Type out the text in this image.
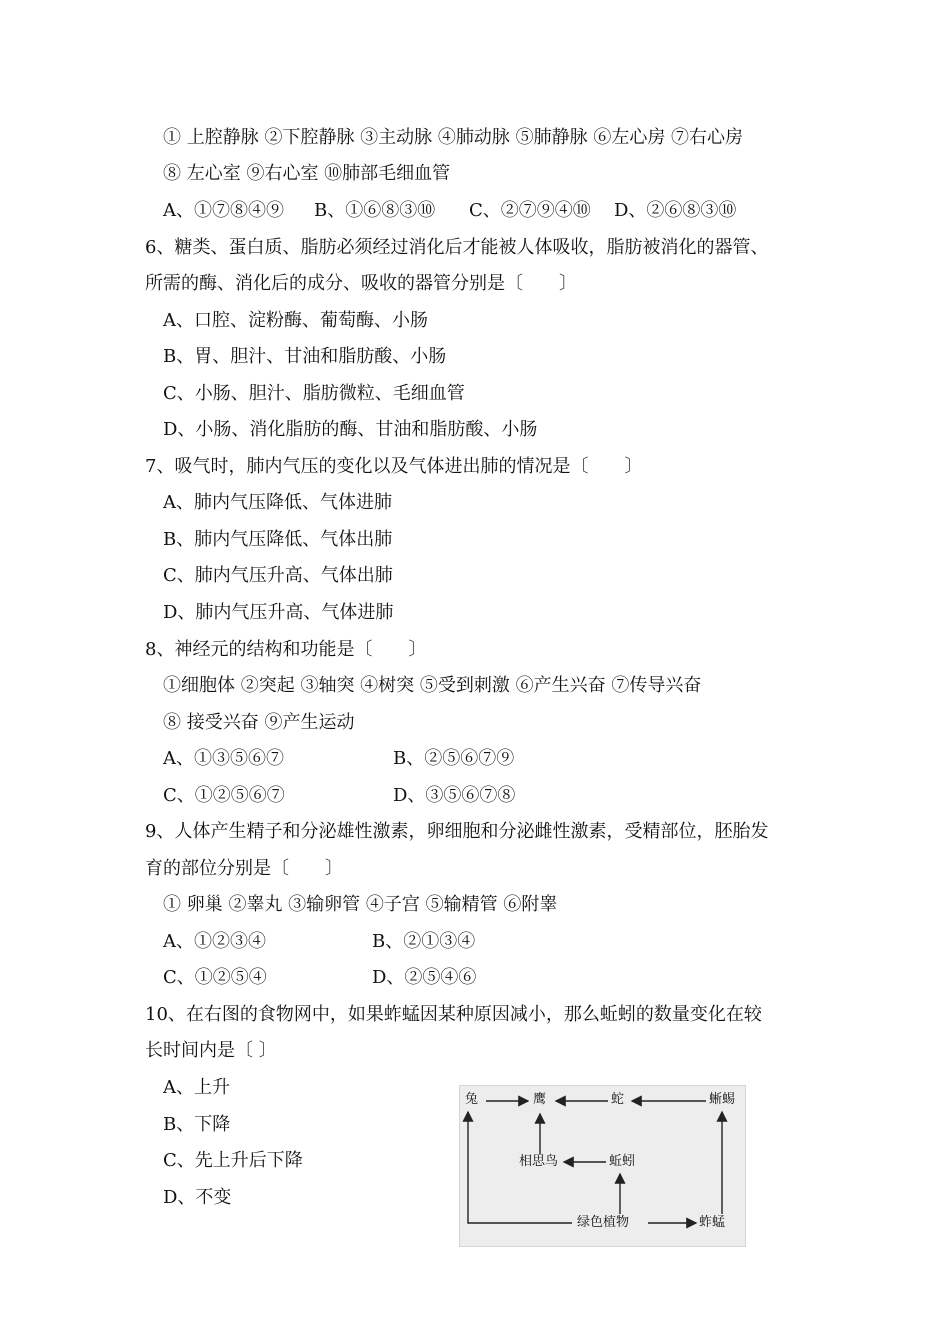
① 上腔静脉 ②下腔静脉 ③主动脉 ④肺动脉 ⑤肺静脉 ⑥左心房 ⑦右心房
⑧ 左心室 ⑨右心室 ⑩肺部毛细血管
A、①⑦⑧④⑨ B、①⑥⑧③⑩ C、②⑦⑨④⑩ D、②⑥⑧③⑩
6、糖类、蛋白质、脂肪必须经过消化后才能被人体吸收，脂肪被消化的器管、
所需的酶、消化后的成分、吸收的器管分别是〔　　〕
A、口腔、淀粉酶、葡萄酶、小肠
B、胃、胆汁、甘油和脂肪酸、小肠
C、小肠、胆汁、脂肪微粒、毛细血管
D、小肠、消化脂肪的酶、甘油和脂肪酸、小肠
7、吸气时，肺内气压的变化以及气体进出肺的情况是〔　　〕
A、肺内气压降低、气体进肺
B、肺内气压降低、气体出肺
C、肺内气压升高、气体出肺
D、肺内气压升高、气体进肺
8、神经元的结构和功能是〔　　〕
①细胞体 ②突起 ③轴突 ④树突 ⑤受到刺激 ⑥产生兴奋 ⑦传导兴奋
⑧ 接受兴奋 ⑨产生运动
A、①③⑤⑥⑦	B、②⑤⑥⑦⑨
C、①②⑤⑥⑦	D、③⑤⑥⑦⑧
9、人体产生精子和分泌雄性激素，卵细胞和分泌雌性激素，受精部位，胚胎发
育的部位分别是〔　　〕
① 卵巢 ②睾丸 ③输卵管 ④子宫 ⑤输精管 ⑥附睾
A、①②③④	B、②①③④
C、①②⑤④	D、②⑤④⑥
10、在右图的食物网中，如果蚱蜢因某种原因减小，那么蚯蚓的数量变化在较
长时间内是〔 〕
A、上升
B、下降
C、先上升后下降
D、不变
兔	鹰	蛇	蜥蜴
相思鸟	蚯蚓
绿色植物	蚱蜢
